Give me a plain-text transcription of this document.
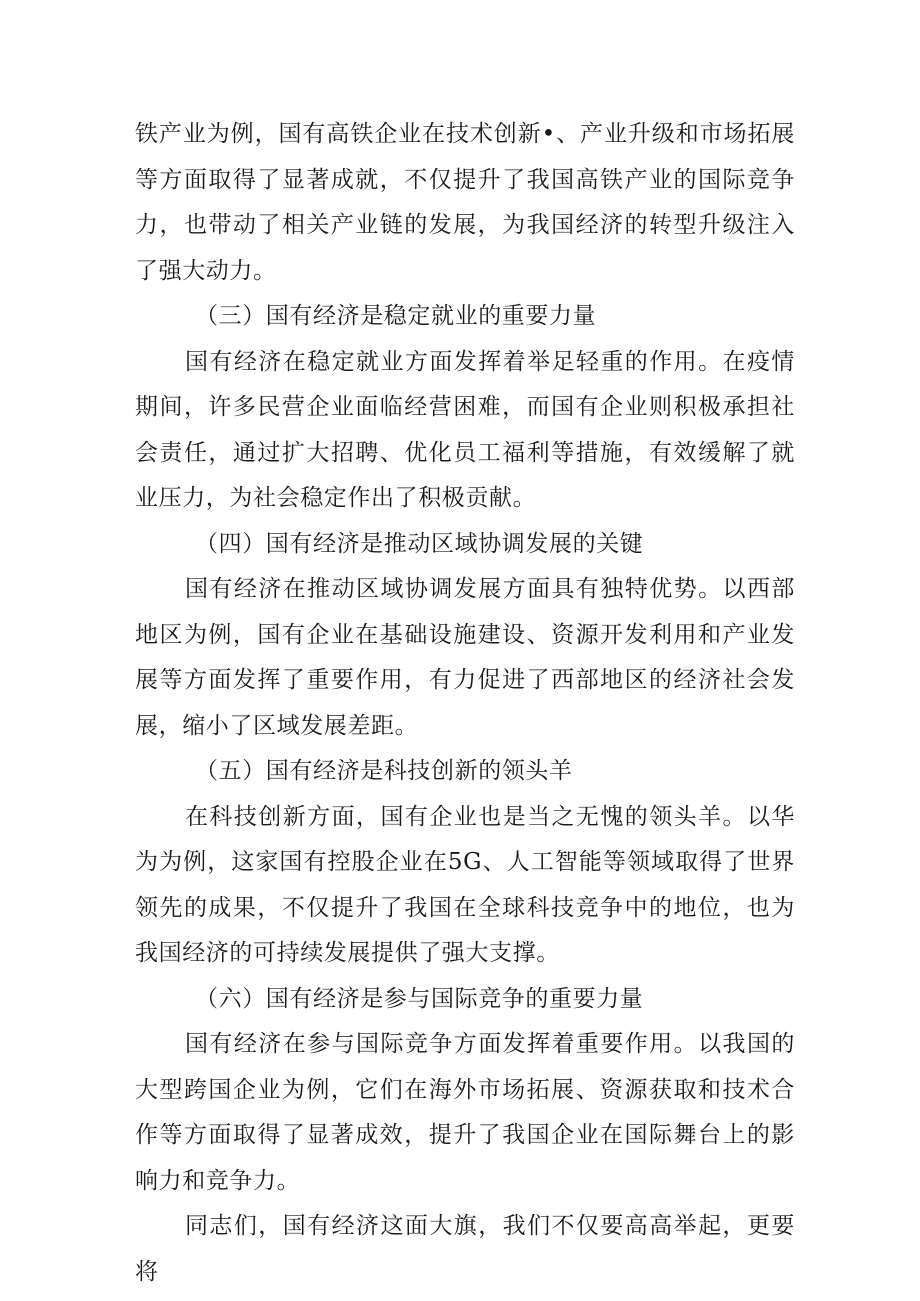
铁产业为例，国有高铁企业在技术创新•、产业升级和市场拓展等方面取得了显著成就，不仅提升了我国高铁产业的国际竞争力，也带动了相关产业链的发展，为我国经济的转型升级注入了强大动力。

（三）国有经济是稳定就业的重要力量

国有经济在稳定就业方面发挥着举足轻重的作用。在疫情期间，许多民营企业面临经营困难，而国有企业则积极承担社会责任，通过扩大招聘、优化员工福利等措施，有效缓解了就业压力，为社会稳定作出了积极贡献。

（四）国有经济是推动区域协调发展的关键

国有经济在推动区域协调发展方面具有独特优势。以西部地区为例，国有企业在基础设施建设、资源开发利用和产业发展等方面发挥了重要作用，有力促进了西部地区的经济社会发展，缩小了区域发展差距。

（五）国有经济是科技创新的领头羊

在科技创新方面，国有企业也是当之无愧的领头羊。以华为为例，这家国有控股企业在5G、人工智能等领域取得了世界领先的成果，不仅提升了我国在全球科技竞争中的地位，也为我国经济的可持续发展提供了强大支撑。

（六）国有经济是参与国际竞争的重要力量

国有经济在参与国际竞争方面发挥着重要作用。以我国的大型跨国企业为例，它们在海外市场拓展、资源获取和技术合作等方面取得了显著成效，提升了我国企业在国际舞台上的影响力和竞争力。

同志们，国有经济这面大旗，我们不仅要高高举起，更要将
